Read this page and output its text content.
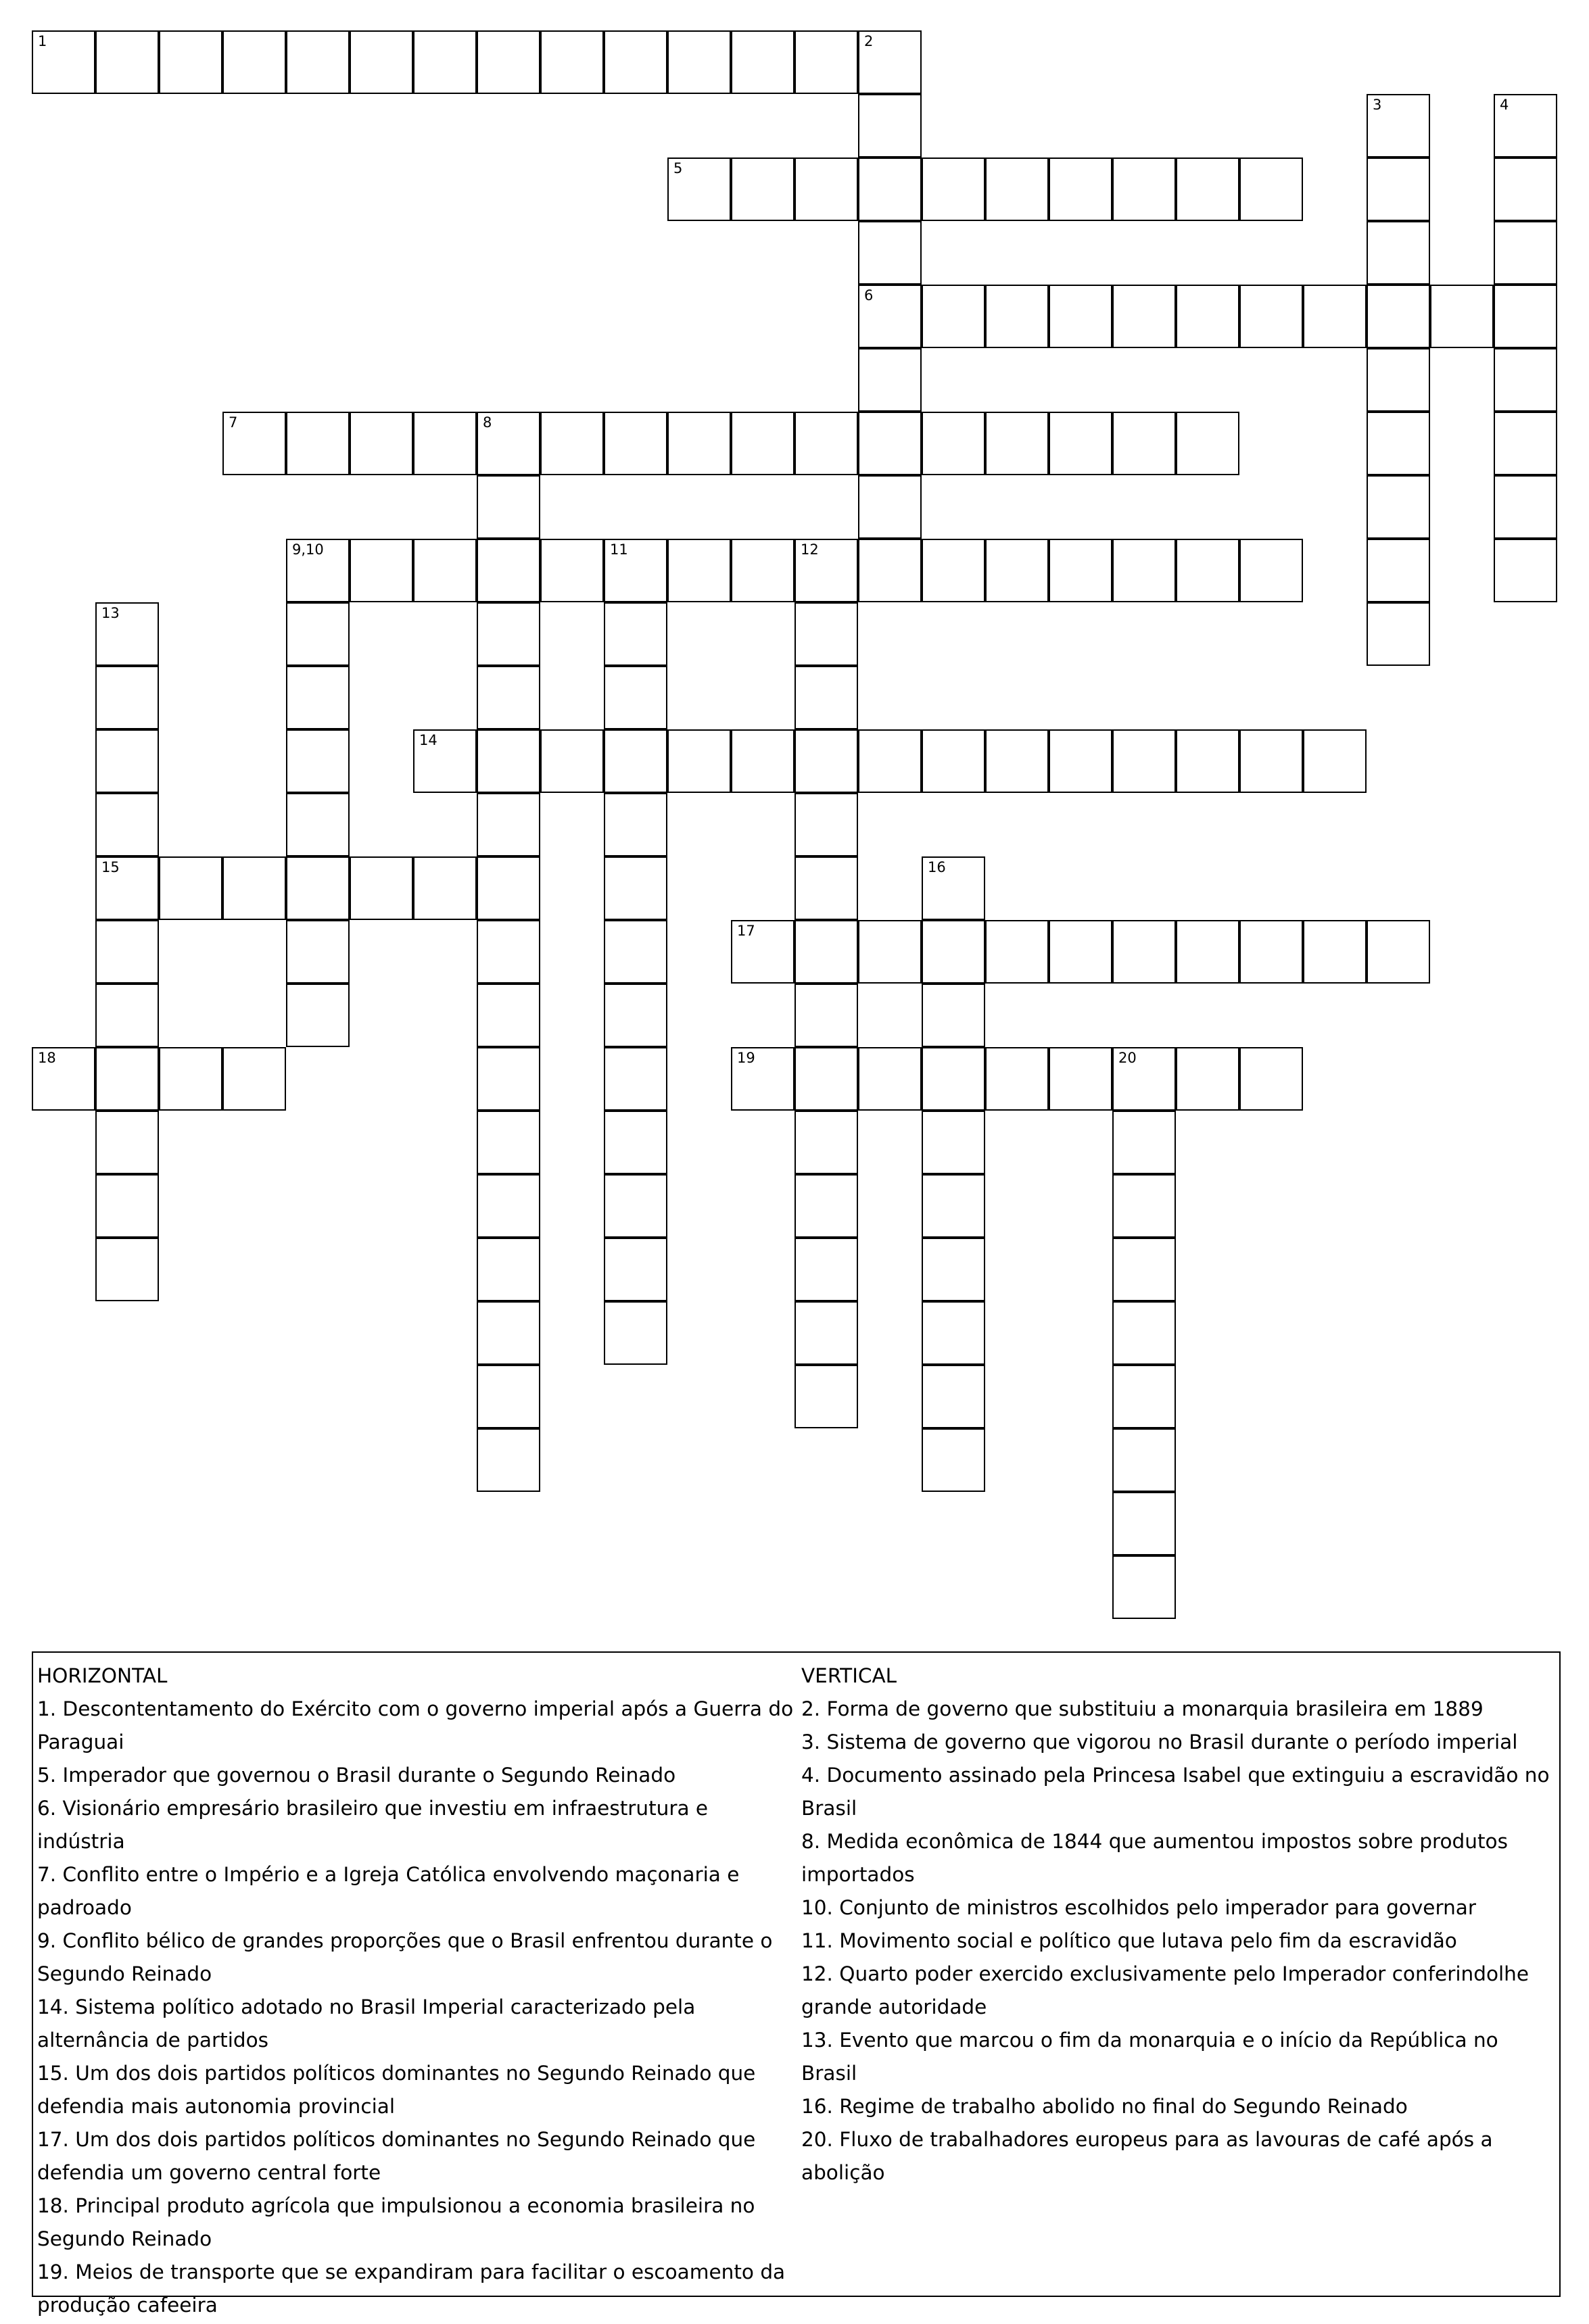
1	2
6
3	4
5
7	8
9,10	11	12
13
15
14
16
17
18	19	20
HORIZONTAL
1. Descontentamento do Exército com o governo imperial após a Guerra do Paraguai
5. Imperador que governou o Brasil durante o Segundo Reinado
6. Visionário empresário brasileiro que investiu em infraestrutura e indústria
7. Conflito entre o Império e a Igreja Católica envolvendo maçonaria e padroado
9. Conflito bélico de grandes proporções que o Brasil enfrentou durante o Segundo Reinado
14. Sistema político adotado no Brasil Imperial caracterizado pela alternância de partidos
15. Um dos dois partidos políticos dominantes no Segundo Reinado que defendia mais autonomia provincial
17. Um dos dois partidos políticos dominantes no Segundo Reinado que defendia um governo central forte
18. Principal produto agrícola que impulsionou a economia brasileira no Segundo Reinado
19. Meios de transporte que se expandiram para facilitar o escoamento da produção cafeeira
VERTICAL
2. Forma de governo que substituiu a monarquia brasileira em 1889
3. Sistema de governo que vigorou no Brasil durante o período imperial
4. Documento assinado pela Princesa Isabel que extinguiu a escravidão no Brasil
8. Medida econômica de 1844 que aumentou impostos sobre produtos importados
10. Conjunto de ministros escolhidos pelo imperador para governar
11. Movimento social e político que lutava pelo fim da escravidão
12. Quarto poder exercido exclusivamente pelo Imperador conferindolhe grande autoridade
13. Evento que marcou o fim da monarquia e o início da República no Brasil
16. Regime de trabalho abolido no final do Segundo Reinado
20. Fluxo de trabalhadores europeus para as lavouras de café após a abolição
